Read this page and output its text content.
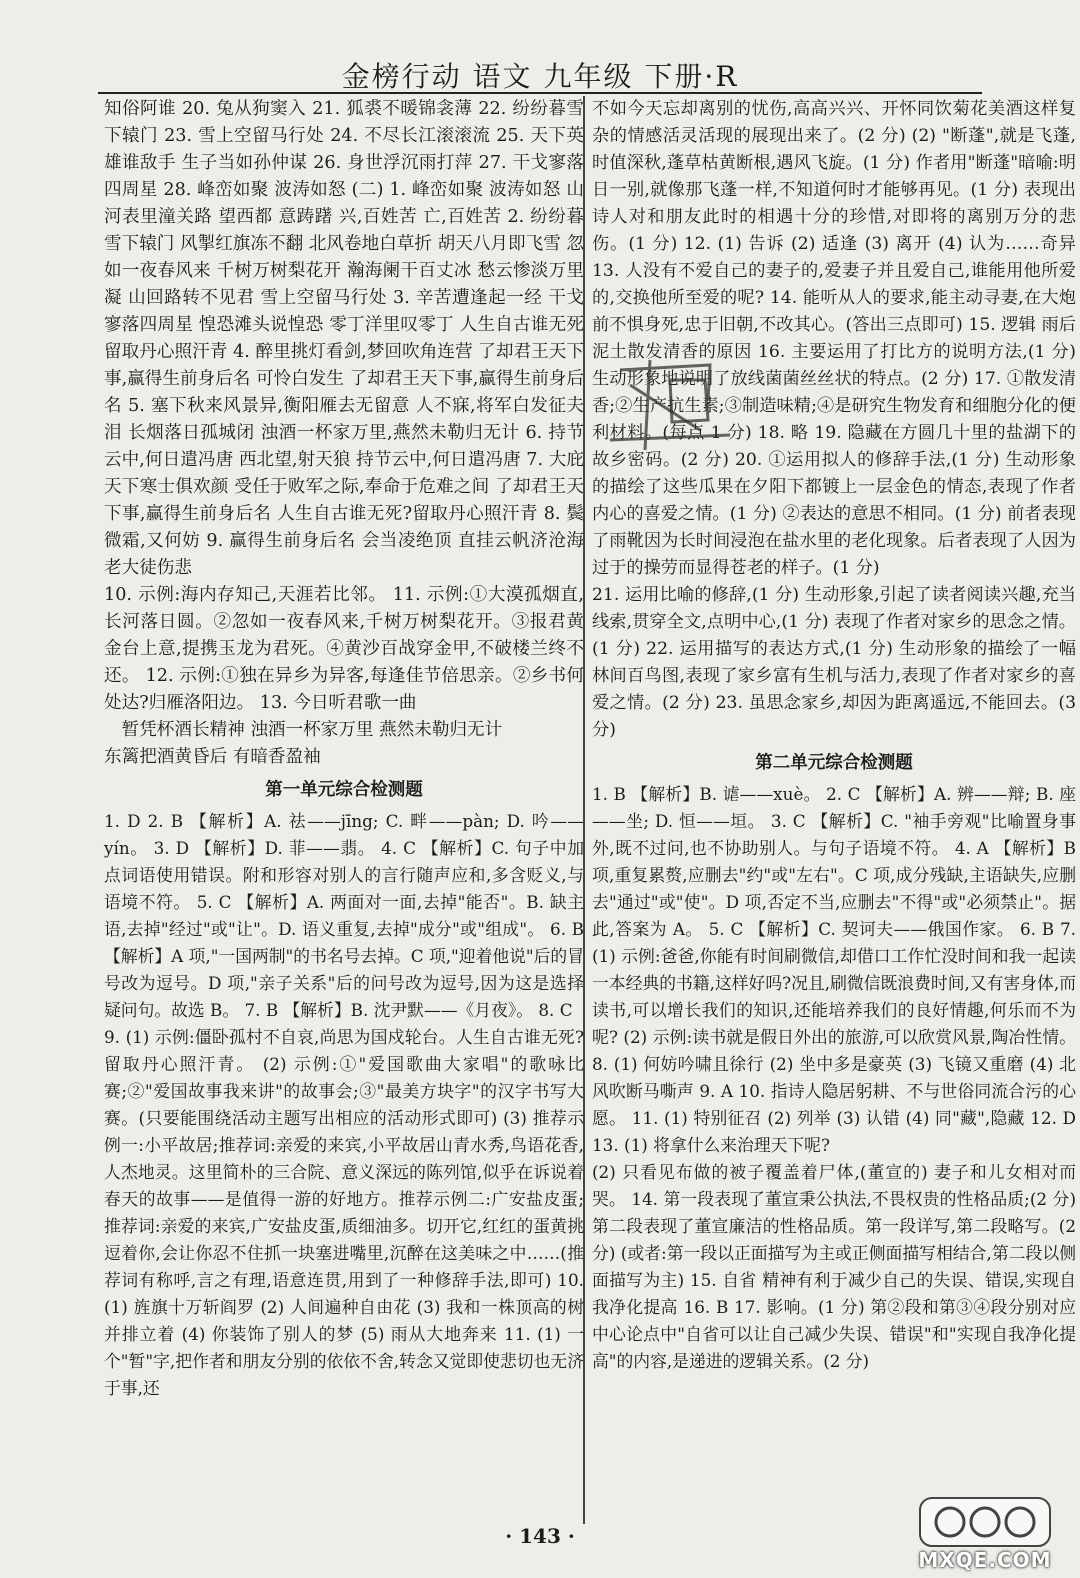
金榜行动 语文 九年级 下册·R

知俗阿谁 20. 兔从狗窦入 21. 狐裘不暖锦衾薄 22. 纷纷暮雪下辕门 23. 雪上空留马行处 24. 不尽长江滚滚流 25. 天下英雄谁敌手 生子当如孙仲谋 26. 身世浮沉雨打萍 27. 干戈寥落四周星 28. 峰峦如聚 波涛如怒 (二) 1. 峰峦如聚 波涛如怒 山河表里潼关路 望西都 意踌躇 兴,百姓苦 亡,百姓苦 2. 纷纷暮雪下辕门 风掣红旗冻不翻 北风卷地白草折 胡天八月即飞雪 忽如一夜春风来 千树万树梨花开 瀚海阑干百丈冰 愁云惨淡万里凝 山回路转不见君 雪上空留马行处 3. 辛苦遭逢起一经 干戈寥落四周星 惶恐滩头说惶恐 零丁洋里叹零丁 人生自古谁无死 留取丹心照汗青 4. 醉里挑灯看剑,梦回吹角连营 了却君王天下事,赢得生前身后名 可怜白发生 了却君王天下事,赢得生前身后名 5. 塞下秋来风景异,衡阳雁去无留意 人不寐,将军白发征夫泪 长烟落日孤城闭 浊酒一杯家万里,燕然未勒归无计 6. 持节云中,何日遣冯唐 西北望,射天狼 持节云中,何日遣冯唐 7. 大庇天下寒士俱欢颜 受任于败军之际,奉命于危难之间 了却君王天下事,赢得生前身后名 人生自古谁无死?留取丹心照汗青 8. 鬓微霜,又何妨 9. 赢得生前身后名 会当凌绝顶 直挂云帆济沧海 老大徒伤悲

10. 示例:海内存知己,天涯若比邻。 11. 示例:①大漠孤烟直,长河落日圆。②忽如一夜春风来,千树万树梨花开。③报君黄金台上意,提携玉龙为君死。④黄沙百战穿金甲,不破楼兰终不还。 12. 示例:①独在异乡为异客,每逢佳节倍思亲。②乡书何处达?归雁洛阳边。 13. 今日听君歌一曲

暂凭杯酒长精神 浊酒一杯家万里 燕然未勒归无计

东篱把酒黄昏后 有暗香盈袖

第一单元综合检测题

1. D 2. B 【解析】A. 祛——jīng; C. 畔——pàn; D. 吟——yín。 3. D 【解析】D. 菲——翡。 4. C 【解析】C. 句子中加点词语使用错误。附和形容对别人的言行随声应和,多含贬义,与语境不符。 5. C 【解析】A. 两面对一面,去掉"能否"。B. 缺主语,去掉"经过"或"让"。D. 语义重复,去掉"成分"或"组成"。 6. B 【解析】A 项,"一国两制"的书名号去掉。C 项,"迎着他说"后的冒号改为逗号。D 项,"亲子关系"后的问号改为逗号,因为这是选择疑问句。故选 B。 7. B 【解析】B. 沈尹默——《月夜》。 8. C

9. (1) 示例:僵卧孤村不自哀,尚思为国戍轮台。人生自古谁无死?留取丹心照汗青。 (2) 示例:①"爱国歌曲大家唱"的歌咏比赛;②"爱国故事我来讲"的故事会;③"最美方块字"的汉字书写大赛。(只要能围绕活动主题写出相应的活动形式即可) (3) 推荐示例一:小平故居;推荐词:亲爱的来宾,小平故居山青水秀,鸟语花香,人杰地灵。这里简朴的三合院、意义深远的陈列馆,似乎在诉说着春天的故事——是值得一游的好地方。推荐示例二:广安盐皮蛋;推荐词:亲爱的来宾,广安盐皮蛋,质细油多。切开它,红红的蛋黄挑逗着你,会让你忍不住抓一块塞进嘴里,沉醉在这美味之中……(推荐词有称呼,言之有理,语意连贯,用到了一种修辞手法,即可) 10. (1) 旌旗十万斩阎罗 (2) 人间遍种自由花 (3) 我和一株顶高的树并排立着 (4) 你装饰了别人的梦 (5) 雨从大地奔来 11. (1) 一个"暂"字,把作者和朋友分别的依依不舍,转念又觉即使悲切也无济于事,还

不如今天忘却离别的忧伤,高高兴兴、开怀同饮菊花美酒这样复杂的情感活灵活现的展现出来了。(2 分) (2) "断蓬",就是飞蓬,时值深秋,蓬草枯黄断根,遇风飞旋。(1 分) 作者用"断蓬"暗喻:明日一别,就像那飞蓬一样,不知道何时才能够再见。(1 分) 表现出诗人对和朋友此时的相遇十分的珍惜,对即将的离别万分的悲伤。(1 分) 12. (1) 告诉 (2) 适逢 (3) 离开 (4) 认为……奇异 13. 人没有不爱自己的妻子的,爱妻子并且爱自己,谁能用他所爱的,交换他所至爱的呢? 14. 能听从人的要求,能主动寻妻,在大炮前不惧身死,忠于旧朝,不改其心。(答出三点即可) 15. 逻辑 雨后泥土散发清香的原因 16. 主要运用了打比方的说明方法,(1 分) 生动形象地说明了放线菌菌丝丝状的特点。(2 分) 17. ①散发清香;②生产抗生素;③制造味精;④是研究生物发育和细胞分化的便利材料。(每点 1 分) 18. 略 19. 隐藏在方圆几十里的盐湖下的故乡密码。(2 分) 20. ①运用拟人的修辞手法,(1 分) 生动形象的描绘了这些瓜果在夕阳下都镀上一层金色的情态,表现了作者内心的喜爱之情。(1 分) ②表达的意思不相同。(1 分) 前者表现了雨靴因为长时间浸泡在盐水里的老化现象。后者表现了人因为过于的操劳而显得苍老的样子。(1 分)

21. 运用比喻的修辞,(1 分) 生动形象,引起了读者阅读兴趣,充当线索,贯穿全文,点明中心,(1 分) 表现了作者对家乡的思念之情。(1 分) 22. 运用描写的表达方式,(1 分) 生动形象的描绘了一幅林间百鸟图,表现了家乡富有生机与活力,表现了作者对家乡的喜爱之情。(2 分) 23. 虽思念家乡,却因为距离遥远,不能回去。(3 分)

第二单元综合检测题

1. B 【解析】B. 谑——xuè。 2. C 【解析】A. 辨——辩; B. 座——坐; D. 恒——垣。 3. C 【解析】C. "袖手旁观"比喻置身事外,既不过问,也不协助别人。与句子语境不符。 4. A 【解析】B 项,重复累赘,应删去"约"或"左右"。C 项,成分残缺,主语缺失,应删去"通过"或"使"。D 项,否定不当,应删去"不得"或"必须禁止"。据此,答案为 A。 5. C 【解析】C. 契诃夫——俄国作家。 6. B 7. (1) 示例:爸爸,你能有时间刷微信,却借口工作忙没时间和我一起读一本经典的书籍,这样好吗?况且,刷微信既浪费时间,又有害身体,而读书,可以增长我们的知识,还能培养我们的良好情趣,何乐而不为呢? (2) 示例:读书就是假日外出的旅游,可以欣赏风景,陶冶性情。 8. (1) 何妨吟啸且徐行 (2) 坐中多是豪英 (3) 飞镜又重磨 (4) 北风吹断马嘶声 9. A 10. 指诗人隐居躬耕、不与世俗同流合污的心愿。 11. (1) 特别征召 (2) 列举 (3) 认错 (4) 同"藏",隐藏 12. D 13. (1) 将拿什么来治理天下呢?

(2) 只看见布做的被子覆盖着尸体,(董宣的) 妻子和儿女相对而哭。 14. 第一段表现了董宣秉公执法,不畏权贵的性格品质;(2 分) 第二段表现了董宣廉洁的性格品质。第一段详写,第二段略写。(2 分) (或者:第一段以正面描写为主或正侧面描写相结合,第二段以侧面描写为主) 15. 自省 精神有利于减少自己的失误、错误,实现自我净化提高 16. B 17. 影响。(1 分) 第②段和第③④段分别对应中心论点中"自省可以让自己减少失误、错误"和"实现自我净化提高"的内容,是递进的逻辑关系。(2 分)

· 143 ·
MXQE.COM
